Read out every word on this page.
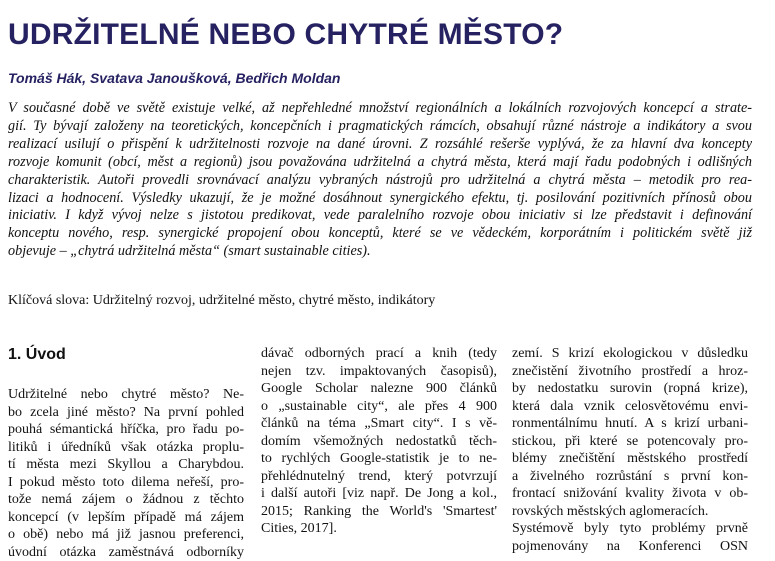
UDRŽITELNÉ NEBO CHYTRÉ MĚSTO?
Tomáš Hák, Svatava Janoušková, Bedřich Moldan
V současné době ve světě existuje velké, až nepřehledné množství regionálních a lokálních rozvojových koncepcí a strate-
gií. Ty bývají založeny na teoretických, koncepčních i pragmatických rámcích, obsahují různé nástroje a indikátory a svou
realizací usilují o přispění k udržitelnosti rozvoje na dané úrovni. Z rozsáhlé rešerše vyplývá, že za hlavní dva koncepty
rozvoje komunit (obcí, měst a regionů) jsou považována udržitelná a chytrá města, která mají řadu podobných i odlišných
charakteristik. Autoři provedli srovnávací analýzu vybraných nástrojů pro udržitelná a chytrá města – metodik pro rea-
lizaci a hodnocení. Výsledky ukazují, že je možné dosáhnout synergického efektu, tj. posilování pozitivních přínosů obou
iniciativ. I když vývoj nelze s jistotou predikovat, vede paralelního rozvoje obou iniciativ si lze představit i definování
konceptu nového, resp. synergické propojení obou konceptů, které se ve vědeckém, korporátním i politickém světě již
objevuje – „chytrá udržitelná města“ (smart sustainable cities).
Klíčová slova: Udržitelný rozvoj, udržitelné město, chytré město, indikátory
1. Úvod
Udržitelné nebo chytré město? Ne-
bo zcela jiné město? Na první pohled
pouhá sémantická hříčka, pro řadu po-
litiků i úředníků však otázka proplu-
tí města mezi Skyllou a Charybdou.
I pokud město toto dilema neřeší, pro-
tože nemá zájem o žádnou z těchto
koncepcí (v lepším případě má zájem
o obě) nebo má již jasnou preferenci,
úvodní otázka zaměstnává odborníky
dávač odborných prací a knih (tedy
nejen tzv. impaktovaných časopisů),
Google Scholar nalezne 900 článků
o „sustainable city“, ale přes 4 900
článků na téma „Smart city“. I s vě-
domím všemožných nedostatků těch-
to rychlých Google-statistik je to ne-
přehlédnutelný trend, který potvrzují
i další autoři [viz např. De Jong a kol.,
2015; Ranking the World's 'Smartest'
Cities, 2017].
zemí. S krizí ekologickou v důsledku
znečistění životního prostředí a hroz-
by nedostatku surovin (ropná krize),
která dala vznik celosvětovému envi-
ronmentálnímu hnutí. A s krizí urbani-
stickou, při které se potencovaly pro-
blémy znečištění městského prostředí
a živelného rozrůstání s první kon-
frontací snižování kvality života v ob-
rovských městských aglomeracích.
Systémově byly tyto problémy prvně
pojmenovány na Konferenci OSN
